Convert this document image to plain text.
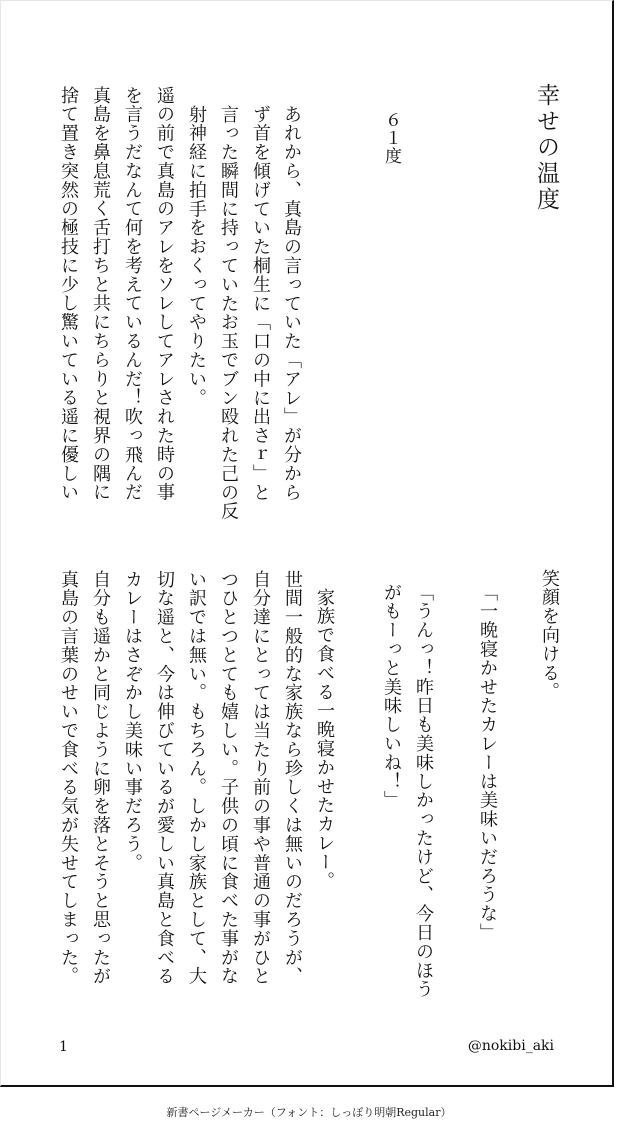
幸せの温度
６１度
あれから、真島の言っていた「アレ」が分から
ず首を傾げていた桐生に「口の中に出さｒ」と
言った瞬間に持っていたお玉でブン殴れた己の反
射神経に拍手をおくってやりたい。
遥の前で真島のアレをソレしてアレされた時の事
を言うだなんて何を考えているんだ！吹っ飛んだ
真島を鼻息荒く舌打ちと共にちらりと視界の隅に
捨て置き突然の極技に少し驚いている遥に優しい
笑顔を向ける。
「一晩寝かせたカレーは美味いだろうな」
「うんっ！昨日も美味しかったけど、今日のほう
がもーっと美味しいね！」
家族で食べる一晩寝かせたカレー。
世間一般的な家族なら珍しくは無いのだろうが、
自分達にとっては当たり前の事や普通の事がひと
つひとつとても嬉しい。子供の頃に食べた事がな
い訳では無い。もちろん。しかし家族として、大
切な遥と、今は伸びているが愛しい真島と食べる
カレーはさぞかし美味い事だろう。
自分も遥かと同じように卵を落とそうと思ったが
真島の言葉のせいで食べる気が失せてしまった。
1	@nokibi_aki
新書ページメーカー（フォント：しっぽり明朝Regular）
